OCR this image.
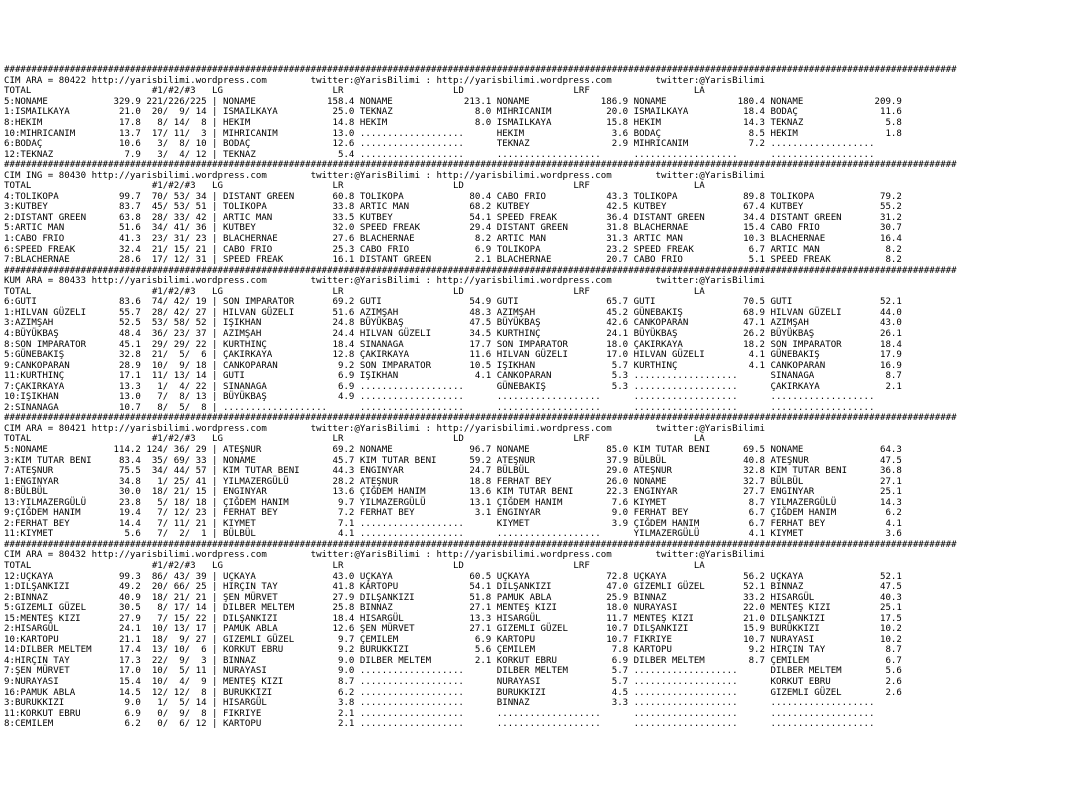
##############################################################################################################################################################################
CIM ARA = 80422 http://yarisbilimi.wordpress.com        twitter:@YarisBilimi : http://yarisbilimi.wordpress.com        twitter:@YarisBilimi
TOTAL                      #1/#2/#3   LG                    LR                    LD                    LRF                   LA
5:NONAME            329.9 221/226/225 | NONAME             158.4 NONAME             213.1 NONAME             186.9 NONAME             180.4 NONAME             209.9
1:ISMAILKAYA         21.0  20/  9/ 14 | ISMAILKAYA          25.0 TEKNAZ               8.0 MIHRICANIM          20.0 ISMAILKAYA          18.4 BODAÇ               11.6
8:HEKIM              17.8   8/ 14/  8 | HEKIM               14.8 HEKIM                8.0 ISMAILKAYA          15.8 HEKIM               14.3 TEKNAZ               5.8
10:MIHRICANIM        13.7  17/ 11/  3 | MIHRICANIM          13.0 ...................      HEKIM                3.6 BODAÇ                8.5 HEKIM                1.8
6:BODAÇ              10.6   3/  8/ 10 | BODAÇ               12.6 ...................      TEKNAZ               2.9 MIHRICANIM           7.2 ...................
12:TEKNAZ             7.9   3/  4/ 12 | TEKNAZ               5.4 ...................      ...................      ...................      ...................
##############################################################################################################################################################################
CIM ING = 80430 http://yarisbilimi.wordpress.com        twitter:@YarisBilimi : http://yarisbilimi.wordpress.com        twitter:@YarisBilimi
TOTAL                      #1/#2/#3   LG                    LR                    LD                    LRF                   LA
4:TOLIKOPA           99.7  70/ 53/ 34 | DISTANT GREEN       60.8 TOLIKOPA            80.4 CABO FRIO           43.3 TOLIKOPA            89.8 TOLIKOPA            79.2
3:KUTBEY             83.7  45/ 53/ 51 | TOLIKOPA            33.8 ARTIC MAN           68.2 KUTBEY              42.5 KUTBEY              67.4 KUTBEY              55.2
2:DISTANT GREEN      63.8  28/ 33/ 42 | ARTIC MAN           33.5 KUTBEY              54.1 SPEED FREAK         36.4 DISTANT GREEN       34.4 DISTANT GREEN       31.2
5:ARTIC MAN          51.6  34/ 41/ 36 | KUTBEY              32.0 SPEED FREAK         29.4 DISTANT GREEN       31.8 BLACHERNAE          15.4 CABO FRIO           30.7
1:CABO FRIO          41.3  23/ 31/ 23 | BLACHERNAE          27.6 BLACHERNAE           8.2 ARTIC MAN           31.3 ARTIC MAN           10.3 BLACHERNAE          16.4
6:SPEED FREAK        32.4  21/ 15/ 21 | CABO FRIO           25.3 CABO FRIO            6.9 TOLIKOPA            23.2 SPEED FREAK          6.7 ARTIC MAN            8.2
7:BLACHERNAE         28.6  17/ 12/ 31 | SPEED FREAK         16.1 DISTANT GREEN        2.1 BLACHERNAE          20.7 CABO FRIO            5.1 SPEED FREAK          8.2
##############################################################################################################################################################################
KUM ARA = 80433 http://yarisbilimi.wordpress.com        twitter:@YarisBilimi : http://yarisbilimi.wordpress.com        twitter:@YarisBilimi
TOTAL                      #1/#2/#3   LG                    LR                    LD                    LRF                   LA
6:GUTI               83.6  74/ 42/ 19 | SON IMPARATOR       69.2 GUTI                54.9 GUTI                65.7 GUTI                70.5 GUTI                52.1
1:HILVAN GÜZELI      55.7  28/ 42/ 27 | HILVAN GÜZELI       51.6 AZIMŞAH             48.3 AZIMŞAH             45.2 GÜNEBAKIŞ           68.9 HILVAN GÜZELI       44.0
3:AZIMŞAH            52.5  53/ 58/ 52 | IŞIKHAN             24.8 BÜYÜKBAŞ            47.5 BÜYÜKBAŞ            42.6 CANKOPARAN          47.1 AZIMŞAH             43.0
4:BÜYÜKBAŞ           48.4  36/ 23/ 37 | AZIMŞAH             24.4 HILVAN GÜZELI       34.5 KURTHINÇ            24.1 BÜYÜKBAŞ            26.2 BÜYÜKBAŞ            26.1
8:SON IMPARATOR      45.1  29/ 29/ 22 | KURTHINÇ            18.4 SINANAGA            17.7 SON IMPARATOR       18.0 ÇAKIRKAYA           18.2 SON IMPARATOR       18.4
5:GÜNEBAKIŞ          32.8  21/  5/  6 | ÇAKIRKAYA           12.8 ÇAKIRKAYA           11.6 HILVAN GÜZELI       17.0 HILVAN GÜZELI        4.1 GÜNEBAKIŞ           17.9
9:CANKOPARAN         28.9  10/  9/ 18 | CANKOPARAN           9.2 SON IMPARATOR       10.5 IŞIKHAN              5.7 KURTHINÇ             4.1 CANKOPARAN          16.9
11:KURTHINÇ          17.1  11/ 13/ 14 | GUTI                 6.9 IŞIKHAN              4.1 CANKOPARAN           5.3 ...................      SINANAGA             8.7
7:ÇAKIRKAYA          13.3   1/  4/ 22 | SINANAGA             6.9 ...................      GÜNEBAKIŞ            5.3 ...................      ÇAKIRKAYA            2.1
10:IŞIKHAN           13.0   7/  8/ 13 | BÜYÜKBAŞ             4.9 ...................      ...................      ...................      ...................
2:SINANAGA           10.7   8/  5/  8 | ...................      ...................      ...................      ...................      ...................
##############################################################################################################################################################################
CIM ARA = 80421 http://yarisbilimi.wordpress.com        twitter:@YarisBilimi : http://yarisbilimi.wordpress.com        twitter:@YarisBilimi
TOTAL                      #1/#2/#3   LG                    LR                    LD                    LRF                   LA
5:NONAME            114.2 124/ 36/ 29 | ATEŞNUR             69.2 NONAME              96.7 NONAME              85.0 KIM TUTAR BENI      69.5 NONAME              64.3
3:KIM TUTAR BENI     83.4  35/ 69/ 33 | NONAME              45.7 KIM TUTAR BENI      59.2 ATEŞNUR             37.9 BÜLBÜL              40.8 ATEŞNUR             47.5
7:ATEŞNUR            75.5  34/ 44/ 57 | KIM TUTAR BENI      44.3 ENGINYAR            24.7 BÜLBÜL              29.0 ATEŞNUR             32.8 KIM TUTAR BENI      36.8
1:ENGINYAR           34.8   1/ 25/ 41 | YILMAZERGÜLÜ        28.2 ATEŞNUR             18.8 FERHAT BEY          26.0 NONAME              32.7 BÜLBÜL              27.1
8:BÜLBÜL             30.0  18/ 21/ 15 | ENGINYAR            13.6 ÇIĞDEM HANIM        13.6 KIM TUTAR BENI      22.3 ENGINYAR            27.7 ENGINYAR            25.1
13:YILMAZERGÜLÜ      23.8   5/ 18/ 18 | ÇIĞDEM HANIM         9.7 YILMAZERGÜLÜ        13.1 ÇIĞDEM HANIM         7.6 KIYMET               8.7 YILMAZERGÜLÜ        14.3
9:ÇIĞDEM HANIM       19.4   7/ 12/ 23 | FERHAT BEY           7.2 FERHAT BEY           3.1 ENGINYAR             9.0 FERHAT BEY           6.7 ÇIĞDEM HANIM         6.2
2:FERHAT BEY         14.4   7/ 11/ 21 | KIYMET               7.1 ...................      KIYMET               3.9 ÇIĞDEM HANIM         6.7 FERHAT BEY           4.1
11:KIYMET             5.6   7/  2/  1 | BÜLBÜL               4.1 ...................      ...................      YILMAZERGÜLÜ         4.1 KIYMET               3.6
##############################################################################################################################################################################
CIM ARA = 80432 http://yarisbilimi.wordpress.com        twitter:@YarisBilimi : http://yarisbilimi.wordpress.com        twitter:@YarisBilimi
TOTAL                      #1/#2/#3   LG                    LR                    LD                    LRF                   LA
12:UÇKAYA            99.3  86/ 43/ 39 | UÇKAYA              43.0 UÇKAYA              60.5 UÇKAYA              72.8 UÇKAYA              56.2 UÇKAYA              52.1
1:DILŞANKIZI         49.2  20/ 66/ 25 | HIRÇIN TAY          41.8 KÁRTOPU             54.1 DILŞANKIZI          47.0 GIZEMLI GÜZEL       52.1 BINNAZ              47.5
2:BINNAZ             40.9  18/ 21/ 21 | ŞEN MÜRVET          27.9 DILŞANKIZI          51.8 PAMUK ABLA          25.9 BINNAZ              33.2 HISARGÜL            40.3
5:GIZEMLI GÜZEL      30.5   8/ 17/ 14 | DILBER MELTEM       25.8 BINNAZ              27.1 MENTEŞ KIZI         18.0 NURAYASI            22.0 MENTEŞ KIZI         25.1
15:MENTEŞ KIZI       27.9   7/ 15/ 22 | DILŞANKIZI          18.4 HISARGÜL            13.3 HISARGÜL            11.7 MENTEŞ KIZI         21.0 DILŞANKIZI          17.5
2:HISARGÜL           24.1  10/ 13/ 17 | PAMUK ABLA          12.6 ŞEN MÜRVET          27.1 GIZEMLI GÜZEL       10.7 DILŞANKIZI          15.9 BURÜKKIZI           10.2
10:KARTOPU           21.1  18/  9/ 27 | GIZEMLI GÜZEL        9.7 ÇEMILEM              6.9 KARTOPU             10.7 FIKRIYE             10.7 NURAYASI            10.2
14:DILBER MELTEM     17.4  13/ 10/  6 | KORKUT EBRU          9.2 BURUKKIZI            5.6 ÇEMILEM              7.8 KARTOPU              9.2 HIRÇIN TAY           8.7
4:HIRÇIN TAY         17.3  22/  9/  3 | BINNAZ               9.0 DILBER MELTEM        2.1 KORKUT EBRU          6.9 DILBER MELTEM        8.7 ÇEMILEM              6.7
7:ŞEN MÜRVET         17.0  10/  5/ 11 | NURAYASI             9.0 ...................      DILBER MELTEM        5.7 ...................      DILBER MELTEM        5.6
9:NURAYASI           15.4  10/  4/  9 | MENTEŞ KIZI          8.7 ...................      NURAYASI             5.7 ...................      KORKUT EBRU          2.6
16:PAMUK ABLA        14.5  12/ 12/  8 | BURUKKIZI            6.2 ...................      BURUKKIZI            4.5 ...................      GIZEMLI GÜZEL        2.6
3:BURUKKIZI           9.0   1/  5/ 14 | HISARGÜL             3.8 ...................      BINNAZ               3.3 ...................      ...................
11:KORKUT EBRU        6.9   0/  9/  8 | FIKRIYE              2.1 ...................      ...................      ...................      ...................
8:CEMILEM             6.2   0/  6/ 12 | KARTOPU              2.1 ...................      ...................      ...................      ...................
